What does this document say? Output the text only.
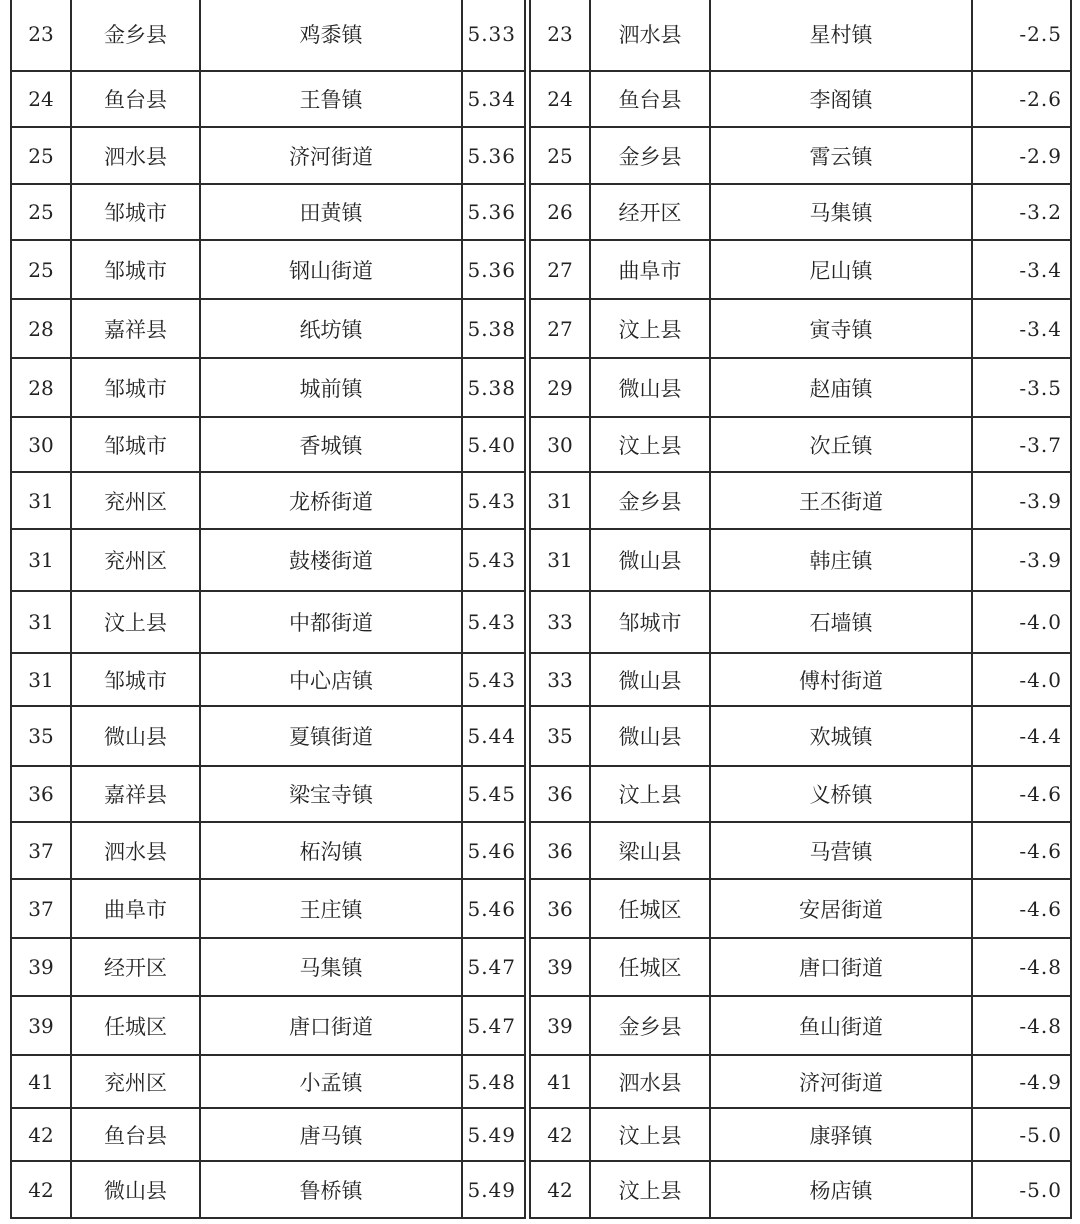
23	金乡县	鸡黍镇	5.33
24	鱼台县	王鲁镇	5.34
25	泗水县	济河街道	5.36
25	邹城市	田黄镇	5.36
25	邹城市	钢山街道	5.36
28	嘉祥县	纸坊镇	5.38
28	邹城市	城前镇	5.38
30	邹城市	香城镇	5.40
31	兖州区	龙桥街道	5.43
31	兖州区	鼓楼街道	5.43
31	汶上县	中都街道	5.43
31	邹城市	中心店镇	5.43
35	微山县	夏镇街道	5.44
36	嘉祥县	梁宝寺镇	5.45
37	泗水县	柘沟镇	5.46
37	曲阜市	王庄镇	5.46
39	经开区	马集镇	5.47
39	任城区	唐口街道	5.47
41	兖州区	小孟镇	5.48
42	鱼台县	唐马镇	5.49
42	微山县	鲁桥镇	5.49
23	泗水县	星村镇	-2.5
24	鱼台县	李阁镇	-2.6
25	金乡县	霄云镇	-2.9
26	经开区	马集镇	-3.2
27	曲阜市	尼山镇	-3.4
27	汶上县	寅寺镇	-3.4
29	微山县	赵庙镇	-3.5
30	汶上县	次丘镇	-3.7
31	金乡县	王丕街道	-3.9
31	微山县	韩庄镇	-3.9
33	邹城市	石墙镇	-4.0
33	微山县	傅村街道	-4.0
35	微山县	欢城镇	-4.4
36	汶上县	义桥镇	-4.6
36	梁山县	马营镇	-4.6
36	任城区	安居街道	-4.6
39	任城区	唐口街道	-4.8
39	金乡县	鱼山街道	-4.8
41	泗水县	济河街道	-4.9
42	汶上县	康驿镇	-5.0
42	汶上县	杨店镇	-5.0
